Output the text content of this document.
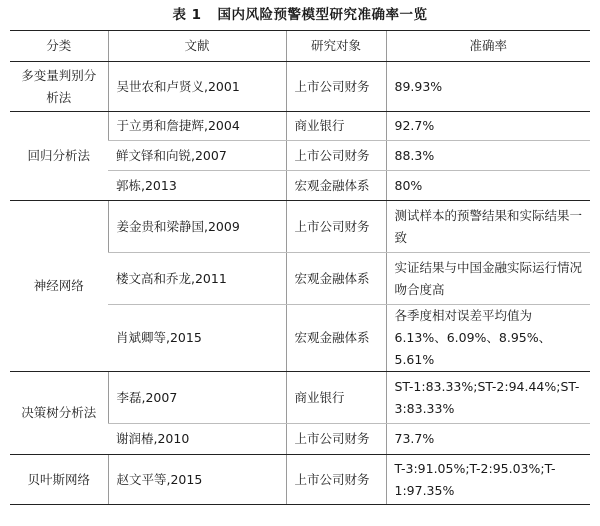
表 1 国内风险预警模型研究准确率一览
分类	文献	研究对象	准确率
多变量判别分析法	吴世农和卢贤义,2001	上市公司财务	89.93%
回归分析法	于立勇和詹捷辉,2004	商业银行	92.7%
	鲜文铎和向锐,2007	上市公司财务	88.3%
	郭栋,2013	宏观金融体系	80%
神经网络	姜金贵和梁静国,2009	上市公司财务	测试样本的预警结果和实际结果一致
	楼文高和乔龙,2011	宏观金融体系	实证结果与中国金融实际运行情况吻合度高
	肖斌卿等,2015	宏观金融体系	各季度相对误差平均值为 6.13%、6.09%、8.95%、5.61%
决策树分析法	李磊,2007	商业银行	ST-1:83.33%;ST-2:94.44%;ST-3:83.33%
	谢润椿,2010	上市公司财务	73.7%
贝叶斯网络	赵文平等,2015	上市公司财务	T-3:91.05%;T-2:95.03%;T-1:97.35%
